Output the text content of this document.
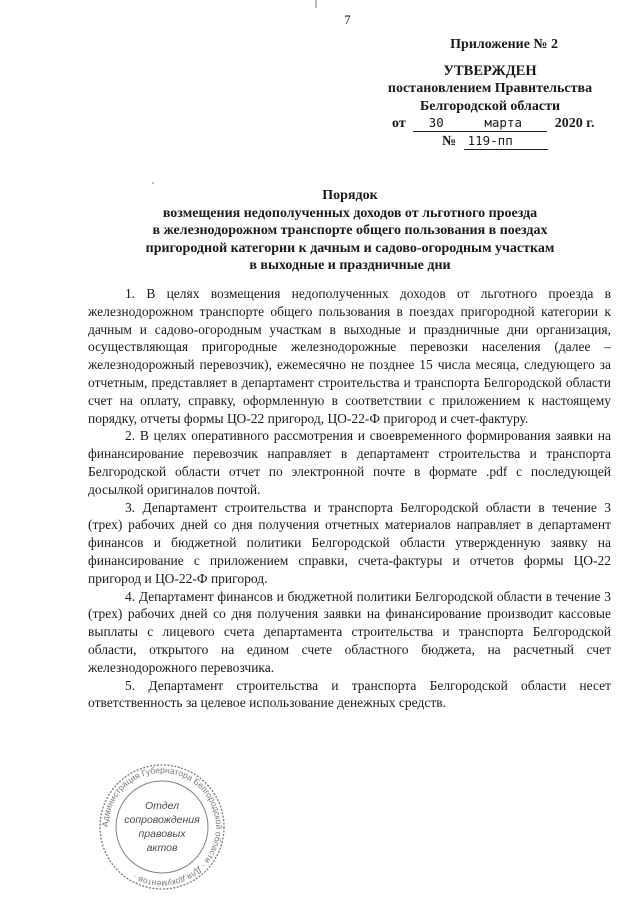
7
Приложение № 2
УТВЕРЖДЕН
постановлением Правительства
Белгородской области
от 30	марта 2020 г.
№ 119-пп
Порядок
возмещения недополученных доходов от льготного проезда
в железнодорожном транспорте общего пользования в поездах
пригородной категории к дачным и садово-огородным участкам
в выходные и праздничные дни

1. В целях возмещения недополученных доходов от льготного проезда в железнодорожном транспорте общего пользования в поездах пригородной категории к дачным и садово-огородным участкам в выходные и праздничные дни организация, осуществляющая пригородные железнодорожные перевозки населения (далее – железнодорожный перевозчик), ежемесячно не позднее 15 числа месяца, следующего за отчетным, представляет в департамент строительства и транспорта Белгородской области счет на оплату, справку, оформленную в соответствии с приложением к настоящему порядку, отчеты формы ЦО-22 пригород, ЦО-22-Ф пригород и счет-фактуру.

2. В целях оперативного рассмотрения и своевременного формирования заявки на финансирование перевозчик направляет в департамент строительства и транспорта Белгородской области отчет по электронной почте в формате .pdf с последующей досылкой оригиналов почтой.

3. Департамент строительства и транспорта Белгородской области в течение 3 (трех) рабочих дней со дня получения отчетных материалов направляет в департамент финансов и бюджетной политики Белгородской области утвержденную заявку на финансирование с приложением справки, счета-фактуры и отчетов формы ЦО-22 пригород и ЦО-22-Ф пригород.

4. Департамент финансов и бюджетной политики Белгородской области в течение 3 (трех) рабочих дней со дня получения заявки на финансирование производит кассовые выплаты с лицевого счета департамента строительства и транспорта Белгородской области, открытого на едином счете областного бюджета, на расчетный счет железнодорожного перевозчика.

5. Департамент строительства и транспорта Белгородской области несет ответственность за целевое использование денежных средств.

Администрация Губернатора Белгородской области · Для документов ·
Отдел
сопровождения
правовых
актов
